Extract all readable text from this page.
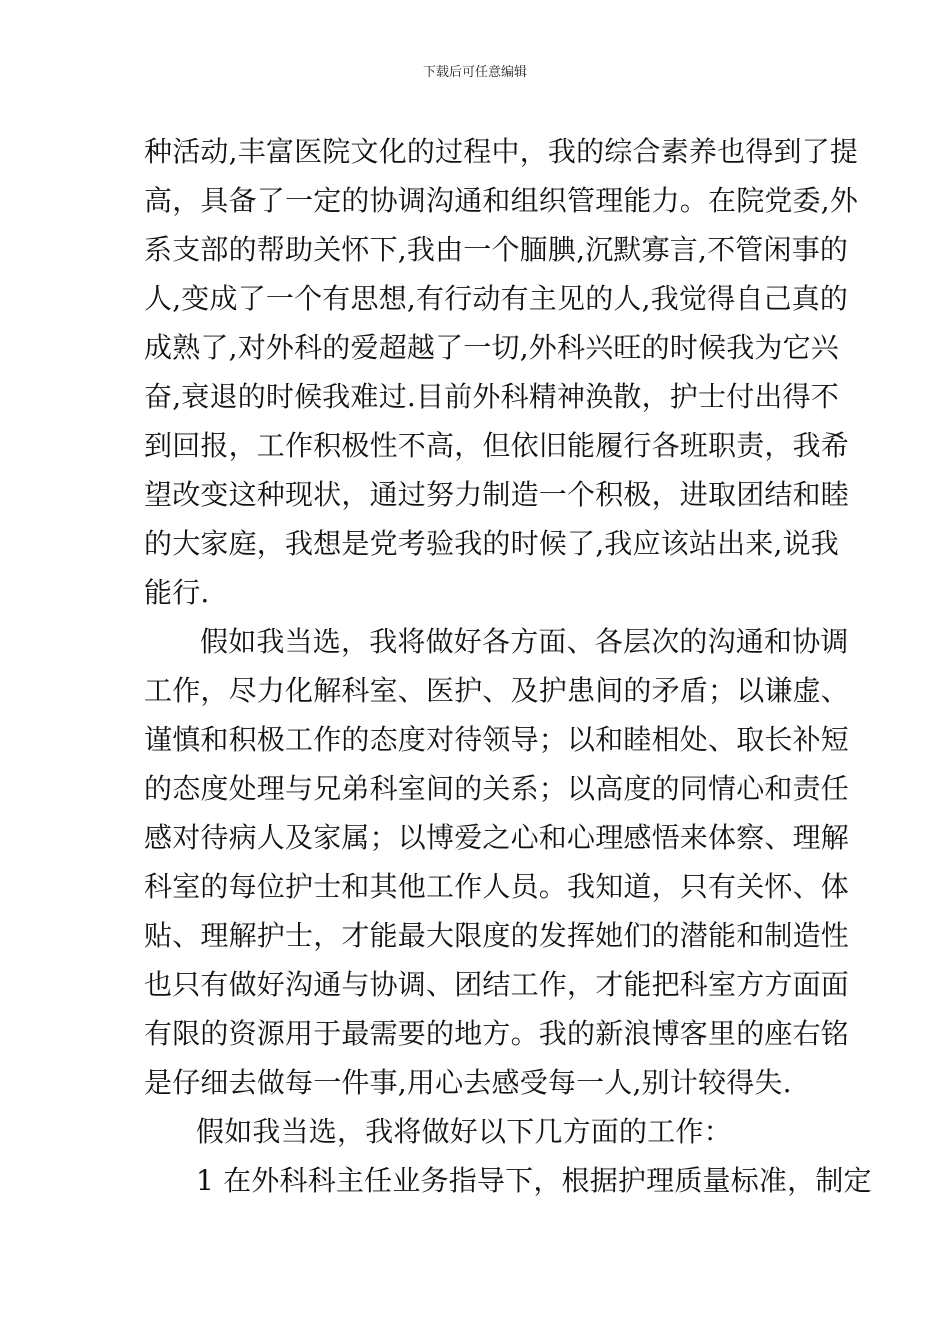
下载后可任意编辑
种活动,丰富医院文化的过程中，我的综合素养也得到了提
高，具备了一定的协调沟通和组织管理能力。在院党委,外
系支部的帮助关怀下,我由一个腼腆,沉默寡言,不管闲事的
人,变成了一个有思想,有行动有主见的人,我觉得自己真的
成熟了,对外科的爱超越了一切,外科兴旺的时候我为它兴
奋,衰退的时候我难过.目前外科精神涣散，护士付出得不
到回报，工作积极性不高，但依旧能履行各班职责，我希
望改变这种现状，通过努力制造一个积极，进取团结和睦
的大家庭，我想是党考验我的时候了,我应该站出来,说我
能行.
假如我当选，我将做好各方面、各层次的沟通和协调
工作，尽力化解科室、医护、及护患间的矛盾；以谦虚、
谨慎和积极工作的态度对待领导；以和睦相处、取长补短
的态度处理与兄弟科室间的关系；以高度的同情心和责任
感对待病人及家属；以博爱之心和心理感悟来体察、理解
科室的每位护士和其他工作人员。我知道，只有关怀、体
贴、理解护士，才能最大限度的发挥她们的潜能和制造性
也只有做好沟通与协调、团结工作，才能把科室方方面面
有限的资源用于最需要的地方。我的新浪博客里的座右铭
是仔细去做每一件事,用心去感受每一人,别计较得失.
假如我当选，我将做好以下几方面的工作：
1 在外科科主任业务指导下，根据护理质量标准，制定
